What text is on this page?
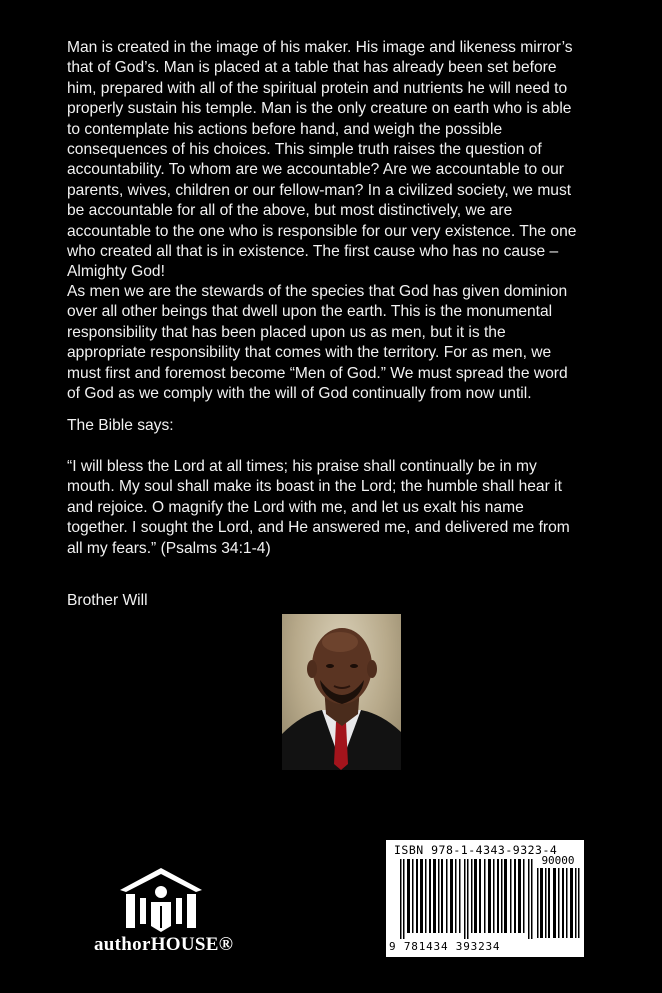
Man is created in the image of his maker. His image and likeness mirror’s
that of God’s. Man is placed at a table that has already been set before
him, prepared with all of the spiritual protein and nutrients he will need to
properly sustain his temple. Man is the only creature on earth who is able
to contemplate his actions before hand, and weigh the possible
consequences of his choices. This simple truth raises the question of
accountability. To whom are we accountable? Are we accountable to our
parents, wives, children or our fellow-man? In a civilized society, we must
be accountable for all of the above, but most distinctively, we are
accountable to the one who is responsible for our very existence. The one
who created all that is in existence. The first cause who has no cause –
Almighty God!

As men we are the stewards of the species that God has given dominion
over all other beings that dwell upon the earth. This is the monumental
responsibility that has been placed upon us as men, but it is the
appropriate responsibility that comes with the territory. For as men, we
must first and foremost become “Men of God.” We must spread the word
of God as we comply with the will of God continually from now until.

The Bible says:

“I will bless the Lord at all times; his praise shall continually be in my
mouth. My soul shall make its boast in the Lord; the humble shall hear it
and rejoice. O magnify the Lord with me, and let us exalt his name
together. I sought the Lord, and He answered me, and delivered me from
all my fears.” (Psalms 34:1-4)

Brother Will

ISBN 978-1-4343-9323-4
90000
9 781434 393234
authorHOUSE®
